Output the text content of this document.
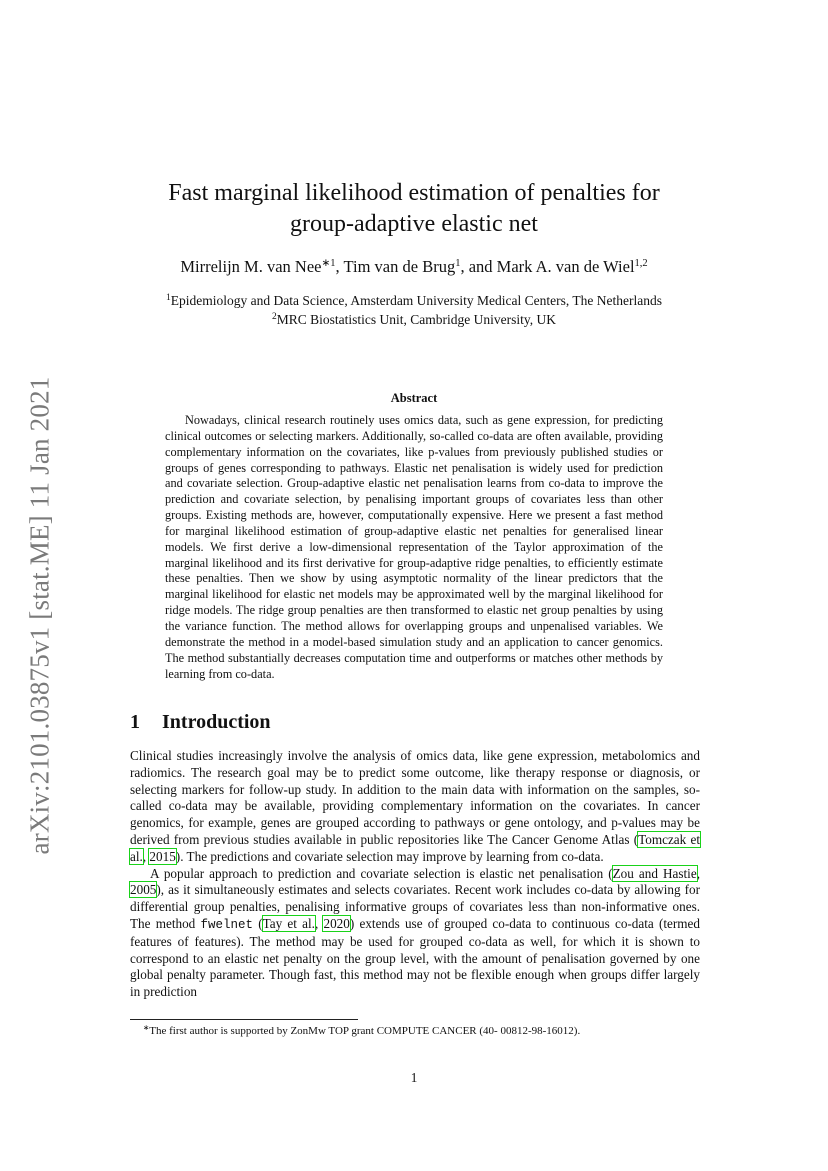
arXiv:2101.03875v1 [stat.ME] 11 Jan 2021
Fast marginal likelihood estimation of penalties for
group-adaptive elastic net
Mirrelijn M. van Nee$^{∗1}$, Tim van de Brug$^1$, and Mark A. van de Wiel$^{1,2}$
$^1$Epidemiology and Data Science, Amsterdam University Medical Centers, The Netherlands
$^2$MRC Biostatistics Unit, Cambridge University, UK
Abstract

Nowadays, clinical research routinely uses omics data, such as gene expression, for predicting clinical outcomes or selecting markers. Additionally, so-called co-data are often available, providing complementary information on the covariates, like p-values from previously published studies or groups of genes corresponding to pathways. Elastic net penalisation is widely used for prediction and covariate selection. Group-adaptive elastic net penalisation learns from co-data to improve the prediction and covariate selection, by penalising important groups of covariates less than other groups. Existing methods are, however, computationally expensive. Here we present a fast method for marginal likelihood estimation of group-adaptive elastic net penalties for generalised linear models. We first derive a low-dimensional representation of the Taylor approximation of the marginal likelihood and its first derivative for group-adaptive ridge penalties, to efficiently estimate these penalties. Then we show by using asymptotic normality of the linear predictors that the marginal likelihood for elastic net models may be approximated well by the marginal likelihood for ridge models. The ridge group penalties are then transformed to elastic net group penalties by using the variance function. The method allows for overlapping groups and unpenalised variables. We demonstrate the method in a model-based simulation study and an application to cancer genomics. The method substantially decreases computation time and outperforms or matches other methods by learning from co-data.

1 Introduction

Clinical studies increasingly involve the analysis of omics data, like gene expression, metabolomics and radiomics. The research goal may be to predict some outcome, like therapy response or diagnosis, or selecting markers for follow-up study. In addition to the main data with information on the samples, so-called co-data may be available, providing complementary information on the covariates. In cancer genomics, for example, genes are grouped according to pathways or gene ontology, and p-values may be derived from previous studies available in public repositories like The Cancer Genome Atlas (Tomczak et al., 2015). The predictions and covariate selection may improve by learning from co-data.

A popular approach to prediction and covariate selection is elastic net penalisation (Zou and Hastie, 2005), as it simultaneously estimates and selects covariates. Recent work includes co-data by allowing for differential group penalties, penalising informative groups of covariates less than non-informative ones. The method fwelnet (Tay et al., 2020) extends use of grouped co-data to continuous co-data (termed features of features). The method may be used for grouped co-data as well, for which it is shown to correspond to an elastic net penalty on the group level, with the amount of penalisation governed by one global penalty parameter. Though fast, this method may not be flexible enough when groups differ largely in prediction

∗The first author is supported by ZonMw TOP grant COMPUTE CANCER (40- 00812-98-16012).
1
